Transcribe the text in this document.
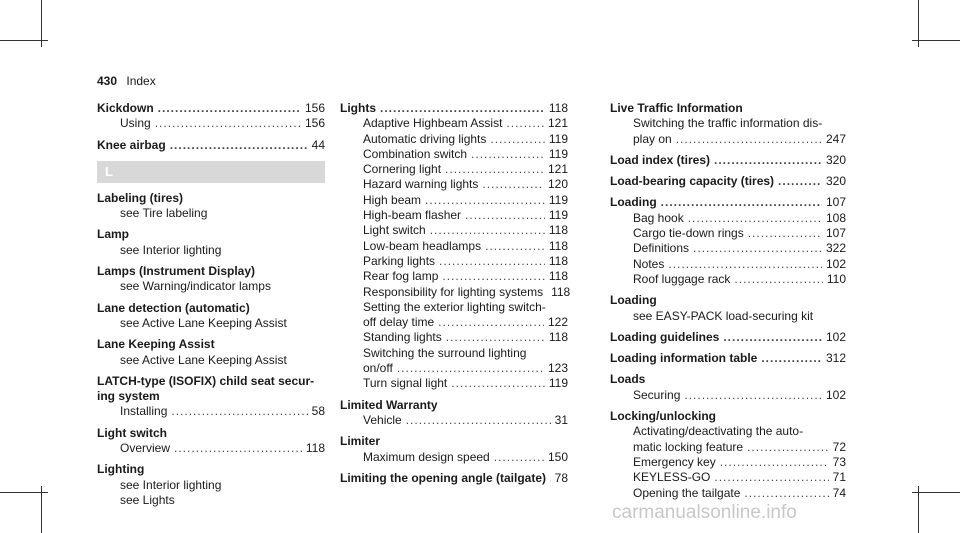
430 Index
Kickdown .....	156
Using .....	156
Knee airbag .....	44
L
Labeling (tires)
see Tire labeling
Lamp
see Interior lighting
Lamps (Instrument Display)
see Warning/indicator lamps
Lane detection (automatic)
see Active Lane Keeping Assist
Lane Keeping Assist
see Active Lane Keeping Assist
LATCH-type (ISOFIX) child seat secur-
ing system
Installing .....	58
Light switch
Overview .....	118
Lighting
see Interior lighting
see Lights
Lights .....	118
Adaptive Highbeam Assist .....	121
Automatic driving lights .....	119
Combination switch .....	119
Cornering light .....	121
Hazard warning lights .....	120
High beam .....	119
High-beam flasher .....	119
Light switch .....	118
Low-beam headlamps .....	118
Parking lights .....	118
Rear fog lamp .....	118
Responsibility for lighting systems 118
Setting the exterior lighting switch-
off delay time .....	122
Standing lights .....	118
Switching the surround lighting
on/off .....	123
Turn signal light .....	119
Limited Warranty
Vehicle .....	31
Limiter
Maximum design speed .....	150
Limiting the opening angle (tailgate) ..... 78
Live Traffic Information
Switching the traffic information dis-
play on .....	247
Load index (tires) .....	320
Load-bearing capacity (tires) .....	320
Loading .....	107
Bag hook .....	108
Cargo tie-down rings .....	107
Definitions .....	322
Notes .....	102
Roof luggage rack .....	110
Loading
see EASY-PACK load-securing kit
Loading guidelines .....	102
Loading information table .....	312
Loads
Securing .....	102
Locking/unlocking
Activating/deactivating the auto-
matic locking feature .....	72
Emergency key .....	73
KEYLESS-GO .....	71
Opening the tailgate .....	74
carmanualsonline.info
